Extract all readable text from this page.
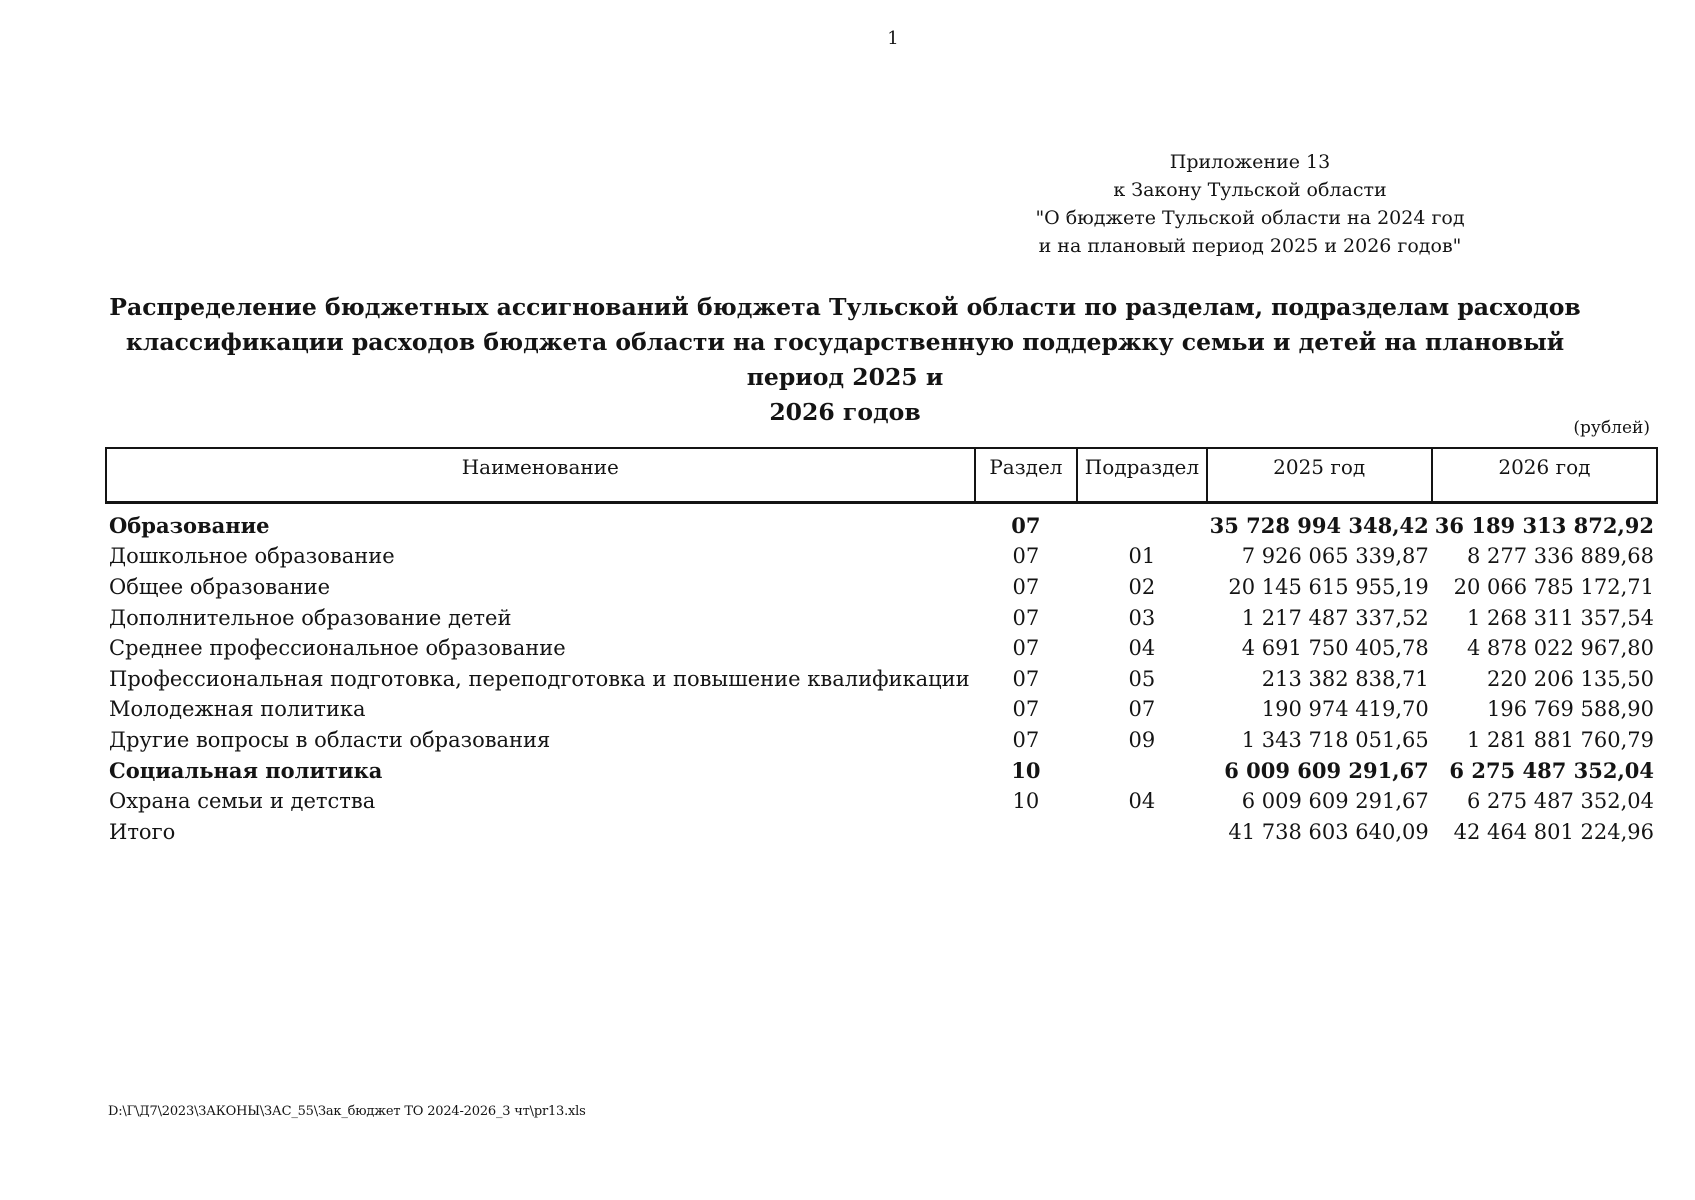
1
Приложение 13
к Закону Тульской области
"О бюджете Тульской области на 2024 год
и на плановый период 2025 и 2026 годов"
Распределение бюджетных ассигнований бюджета Тульской области по разделам, подразделам расходов
классификации расходов бюджета области на государственную поддержку семьи и детей на плановый период 2025 и
2026 годов
(рублей)
Наименование	Раздел	Подраздел	2025 год	2026 год
Образование	07		35 728 994 348,42	36 189 313 872,92
Дошкольное образование	07	01	7 926 065 339,87	8 277 336 889,68
Общее образование	07	02	20 145 615 955,19	20 066 785 172,71
Дополнительное образование детей	07	03	1 217 487 337,52	1 268 311 357,54
Среднее профессиональное образование	07	04	4 691 750 405,78	4 878 022 967,80
Профессиональная подготовка, переподготовка и повышение квалификации	07	05	213 382 838,71	220 206 135,50
Молодежная политика	07	07	190 974 419,70	196 769 588,90
Другие вопросы в области образования	07	09	1 343 718 051,65	1 281 881 760,79
Социальная политика	10		6 009 609 291,67	6 275 487 352,04
Охрана семьи и детства	10	04	6 009 609 291,67	6 275 487 352,04
Итого			41 738 603 640,09	42 464 801 224,96
D:\Г\Д7\2023\ЗАКОНЫ\ЗАС_55\Зак_бюджет ТО 2024-2026_3 чт\pr13.xls
